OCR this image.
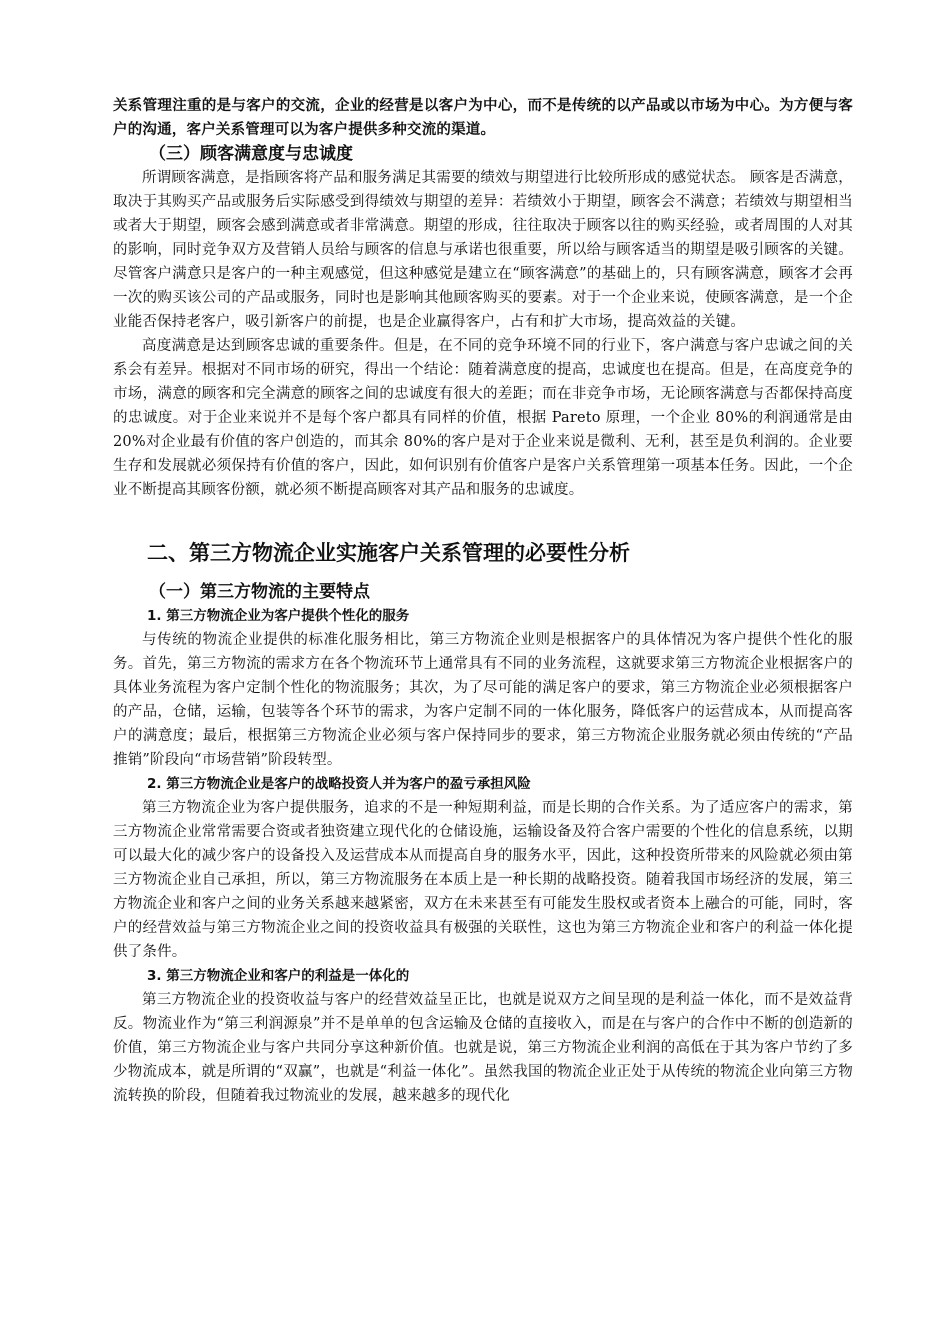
关系管理注重的是与客户的交流，企业的经营是以客户为中心，而不是传统的以产品或以市场为中心。为方便与客户的沟通，客户关系管理可以为客户提供多种交流的渠道。

（三）顾客满意度与忠诚度

所谓顾客满意，是指顾客将产品和服务满足其需要的绩效与期望进行比较所形成的感觉状态。 顾客是否满意，取决于其购买产品或服务后实际感受到得绩效与期望的差异：若绩效小于期望，顾客会不满意；若绩效与期望相当或者大于期望，顾客会感到满意或者非常满意。期望的形成，往往取决于顾客以往的购买经验，或者周围的人对其的影响，同时竞争双方及营销人员给与顾客的信息与承诺也很重要，所以给与顾客适当的期望是吸引顾客的关键。尽管客户满意只是客户的一种主观感觉，但这种感觉是建立在“顾客满意”的基础上的，只有顾客满意，顾客才会再一次的购买该公司的产品或服务，同时也是影响其他顾客购买的要素。对于一个企业来说，使顾客满意，是一个企业能否保持老客户，吸引新客户的前提，也是企业赢得客户，占有和扩大市场，提高效益的关键。

高度满意是达到顾客忠诚的重要条件。但是，在不同的竞争环境不同的行业下，客户满意与客户忠诚之间的关系会有差异。根据对不同市场的研究，得出一个结论：随着满意度的提高，忠诚度也在提高。但是，在高度竞争的市场，满意的顾客和完全满意的顾客之间的忠诚度有很大的差距；而在非竞争市场，无论顾客满意与否都保持高度的忠诚度。对于企业来说并不是每个客户都具有同样的价值，根据 Pareto 原理，一个企业 80%的利润通常是由 20%对企业最有价值的客户创造的，而其余 80%的客户是对于企业来说是微利、无利，甚至是负利润的。企业要生存和发展就必须保持有价值的客户，因此，如何识别有价值客户是客户关系管理第一项基本任务。因此，一个企业不断提高其顾客份额，就必须不断提高顾客对其产品和服务的忠诚度。

二、第三方物流企业实施客户关系管理的必要性分析
（一）第三方物流的主要特点
1. 第三方物流企业为客户提供个性化的服务

与传统的物流企业提供的标准化服务相比，第三方物流企业则是根据客户的具体情况为客户提供个性化的服务。首先，第三方物流的需求方在各个物流环节上通常具有不同的业务流程，这就要求第三方物流企业根据客户的具体业务流程为客户定制个性化的物流服务；其次，为了尽可能的满足客户的要求，第三方物流企业必须根据客户的产品，仓储，运输，包装等各个环节的需求，为客户定制不同的一体化服务，降低客户的运营成本，从而提高客户的满意度；最后，根据第三方物流企业必须与客户保持同步的要求，第三方物流企业服务就必须由传统的“产品推销”阶段向“市场营销”阶段转型。

2. 第三方物流企业是客户的战略投资人并为客户的盈亏承担风险

第三方物流企业为客户提供服务，追求的不是一种短期利益，而是长期的合作关系。为了适应客户的需求，第三方物流企业常常需要合资或者独资建立现代化的仓储设施，运输设备及符合客户需要的个性化的信息系统，以期可以最大化的减少客户的设备投入及运营成本从而提高自身的服务水平，因此，这种投资所带来的风险就必须由第三方物流企业自己承担，所以，第三方物流服务在本质上是一种长期的战略投资。随着我国市场经济的发展，第三方物流企业和客户之间的业务关系越来越紧密，双方在未来甚至有可能发生股权或者资本上融合的可能，同时，客户的经营效益与第三方物流企业之间的投资收益具有极强的关联性，这也为第三方物流企业和客户的利益一体化提供了条件。

3. 第三方物流企业和客户的利益是一体化的

第三方物流企业的投资收益与客户的经营效益呈正比，也就是说双方之间呈现的是利益一体化，而不是效益背反。物流业作为“第三利润源泉”并不是单单的包含运输及仓储的直接收入，而是在与客户的合作中不断的创造新的价值，第三方物流企业与客户共同分享这种新价值。也就是说，第三方物流企业利润的高低在于其为客户节约了多少物流成本，就是所谓的“双赢”，也就是“利益一体化”。虽然我国的物流企业正处于从传统的物流企业向第三方物流转换的阶段，但随着我过物流业的发展，越来越多的现代化
